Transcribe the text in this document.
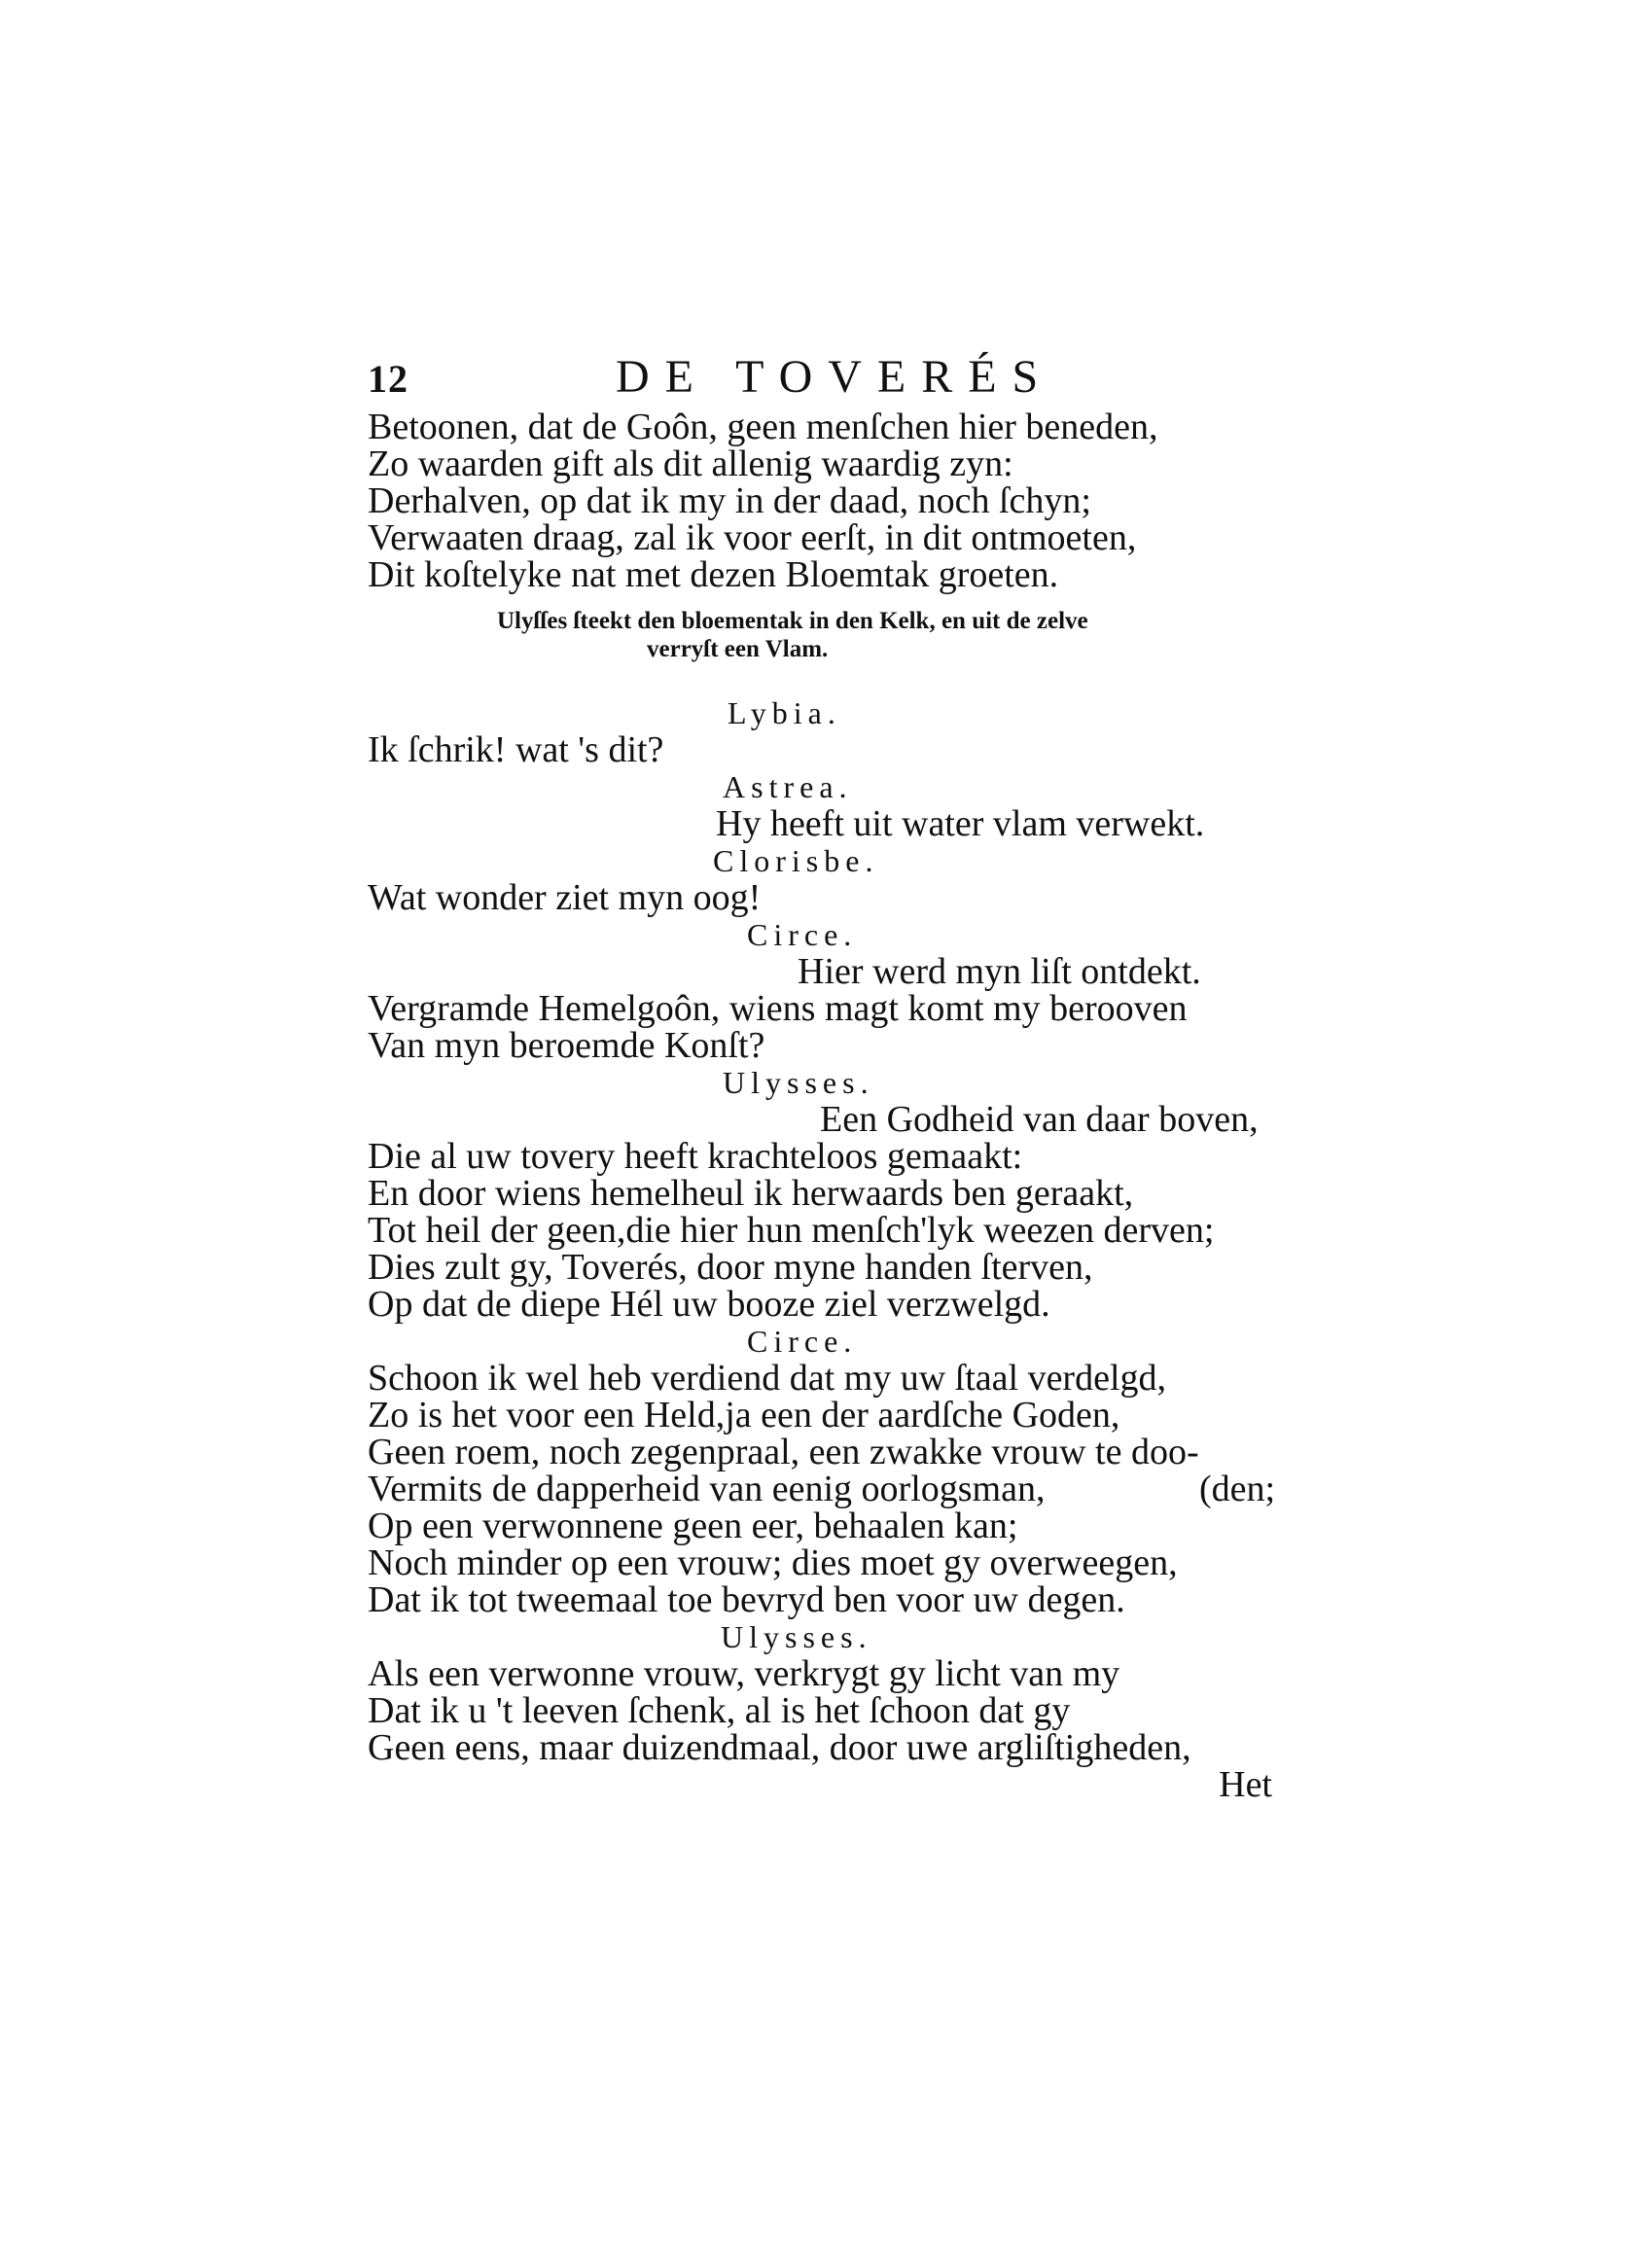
12	DE TOVERÉS
Betoonen, dat de Goôn, geen menſchen hier beneden,
Zo waarden gift als dit allenig waardig zyn:
Derhalven, op dat ik my in der daad, noch ſchyn;
Verwaaten draag, zal ik voor eerſt, in dit ontmoeten,
Dit koſtelyke nat met dezen Bloemtak groeten.
Ulyſſes ſteekt den bloementak in den Kelk, en uit de zelve
verryſt een Vlam.
Lybia.
Ik ſchrik! wat 's dit?
Astrea.
Hy heeft uit water vlam verwekt.
Clorisbe.
Wat wonder ziet myn oog!
Circe.
Hier werd myn liſt ontdekt.
Vergramde Hemelgoôn, wiens magt komt my berooven
Van myn beroemde Konſt?
Ulysses.
Een Godheid van daar boven,
Die al uw tovery heeft krachteloos gemaakt:
En door wiens hemelheul ik herwaards ben geraakt,
Tot heil der geen,die hier hun menſch'lyk weezen derven;
Dies zult gy, Toverés, door myne handen ſterven,
Op dat de diepe Hél uw booze ziel verzwelgd.
Circe.
Schoon ik wel heb verdiend dat my uw ſtaal verdelgd,
Zo is het voor een Held,ja een der aardſche Goden,
Geen roem, noch zegenpraal, een zwakke vrouw te doo-
Vermits de dapperheid van eenig oorlogsman,	(den;
Op een verwonnene geen eer, behaalen kan;
Noch minder op een vrouw; dies moet gy overweegen,
Dat ik tot tweemaal toe bevryd ben voor uw degen.
Ulysses.
Als een verwonne vrouw, verkrygt gy licht van my
Dat ik u 't leeven ſchenk, al is het ſchoon dat gy
Geen eens, maar duizendmaal, door uwe argliſtigheden,
Het
